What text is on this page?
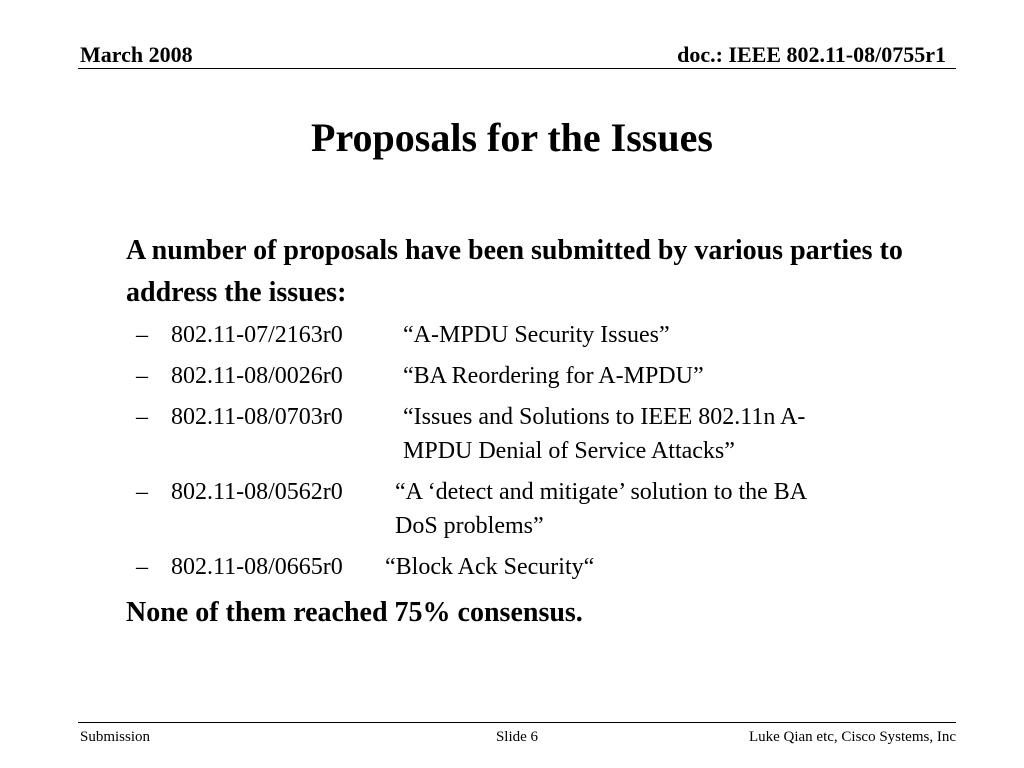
March 2008	doc.: IEEE 802.11-08/0755r1
Proposals for the Issues
A number of proposals have been submitted by various parties to address the issues:
– 802.11-07/2163r0	“A-MPDU Security Issues”
– 802.11-08/0026r0	“BA Reordering for A-MPDU”
– 802.11-08/0703r0	“Issues and Solutions to IEEE 802.11n A-
MPDU Denial of Service Attacks”
– 802.11-08/0562r0 “A ‘detect and mitigate’ solution to the BA
DoS problems”
– 802.11-08/0665r0 “Block Ack Security“
None of them reached 75% consensus.
Submission	Slide 6	Luke Qian etc, Cisco Systems, Inc
